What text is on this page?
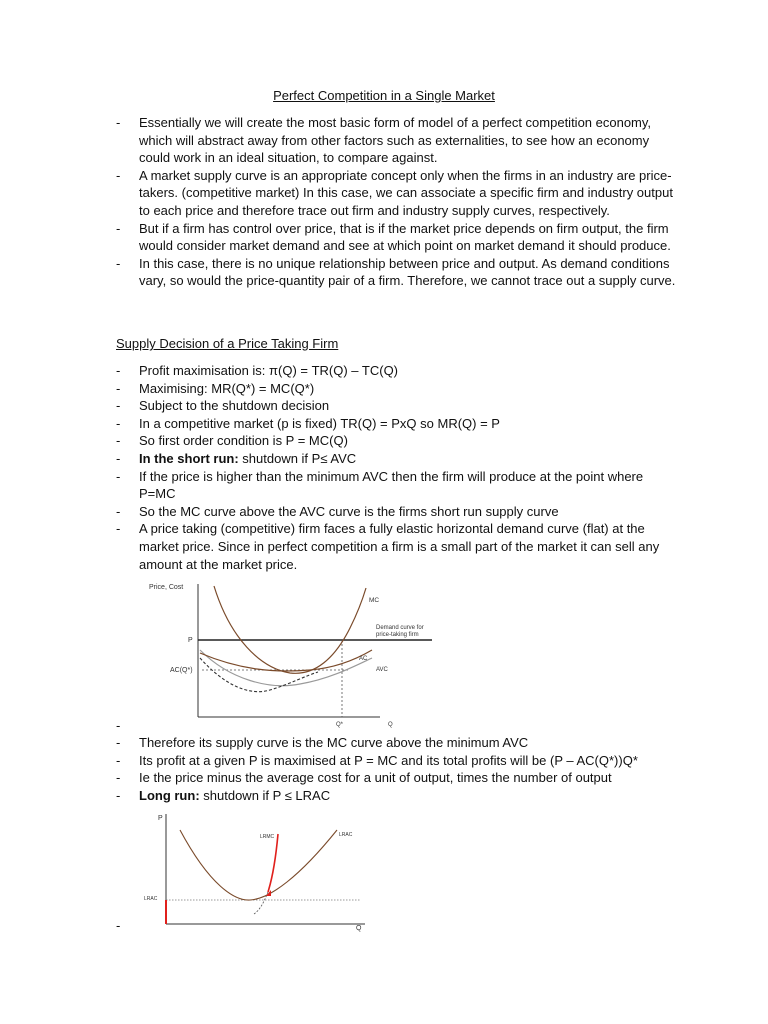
Perfect Competition in a Single Market
- Essentially we will create the most basic form of model of a perfect competition economy, which will abstract away from other factors such as externalities, to see how an economy could work in an ideal situation, to compare against.
- A market supply curve is an appropriate concept only when the firms in an industry are price-takers. (competitive market) In this case, we can associate a specific firm and industry output to each price and therefore trace out firm and industry supply curves, respectively.
- But if a firm has control over price, that is if the market price depends on firm output, the firm would consider market demand and see at which point on market demand it should produce.
- In this case, there is no unique relationship between price and output. As demand conditions vary, so would the price-quantity pair of a firm. Therefore, we cannot trace out a supply curve.
Supply Decision of a Price Taking Firm
- Profit maximisation is: π(Q) = TR(Q) – TC(Q)
- Maximising: MR(Q*) = MC(Q*)
- Subject to the shutdown decision
- In a competitive market (p is fixed) TR(Q) = PxQ so MR(Q) = P
- So first order condition is P = MC(Q)
- In the short run: shutdown if P≤ AVC
- If the price is higher than the minimum AVC then the firm will produce at the point where P=MC
- So the MC curve above the AVC curve is the firms short run supply curve
- A price taking (competitive) firm faces a fully elastic horizontal demand curve (flat) at the market price. Since in perfect competition a firm is a small part of the market it can sell any amount at the market price.
Price, Cost
P
AC(Q*)
MC
Demand curve for
price-taking firm
AC
AVC
Q*	Q
-
- Therefore its supply curve is the MC curve above the minimum AVC
- Its profit at a given P is maximised at P = MC and its total profits will be (P – AC(Q*))Q*
- Ie the price minus the average cost for a unit of output, times the number of output
- Long run: shutdown if P ≤ LRAC
P
Q
LRAC
LRAC
LRMC
-
